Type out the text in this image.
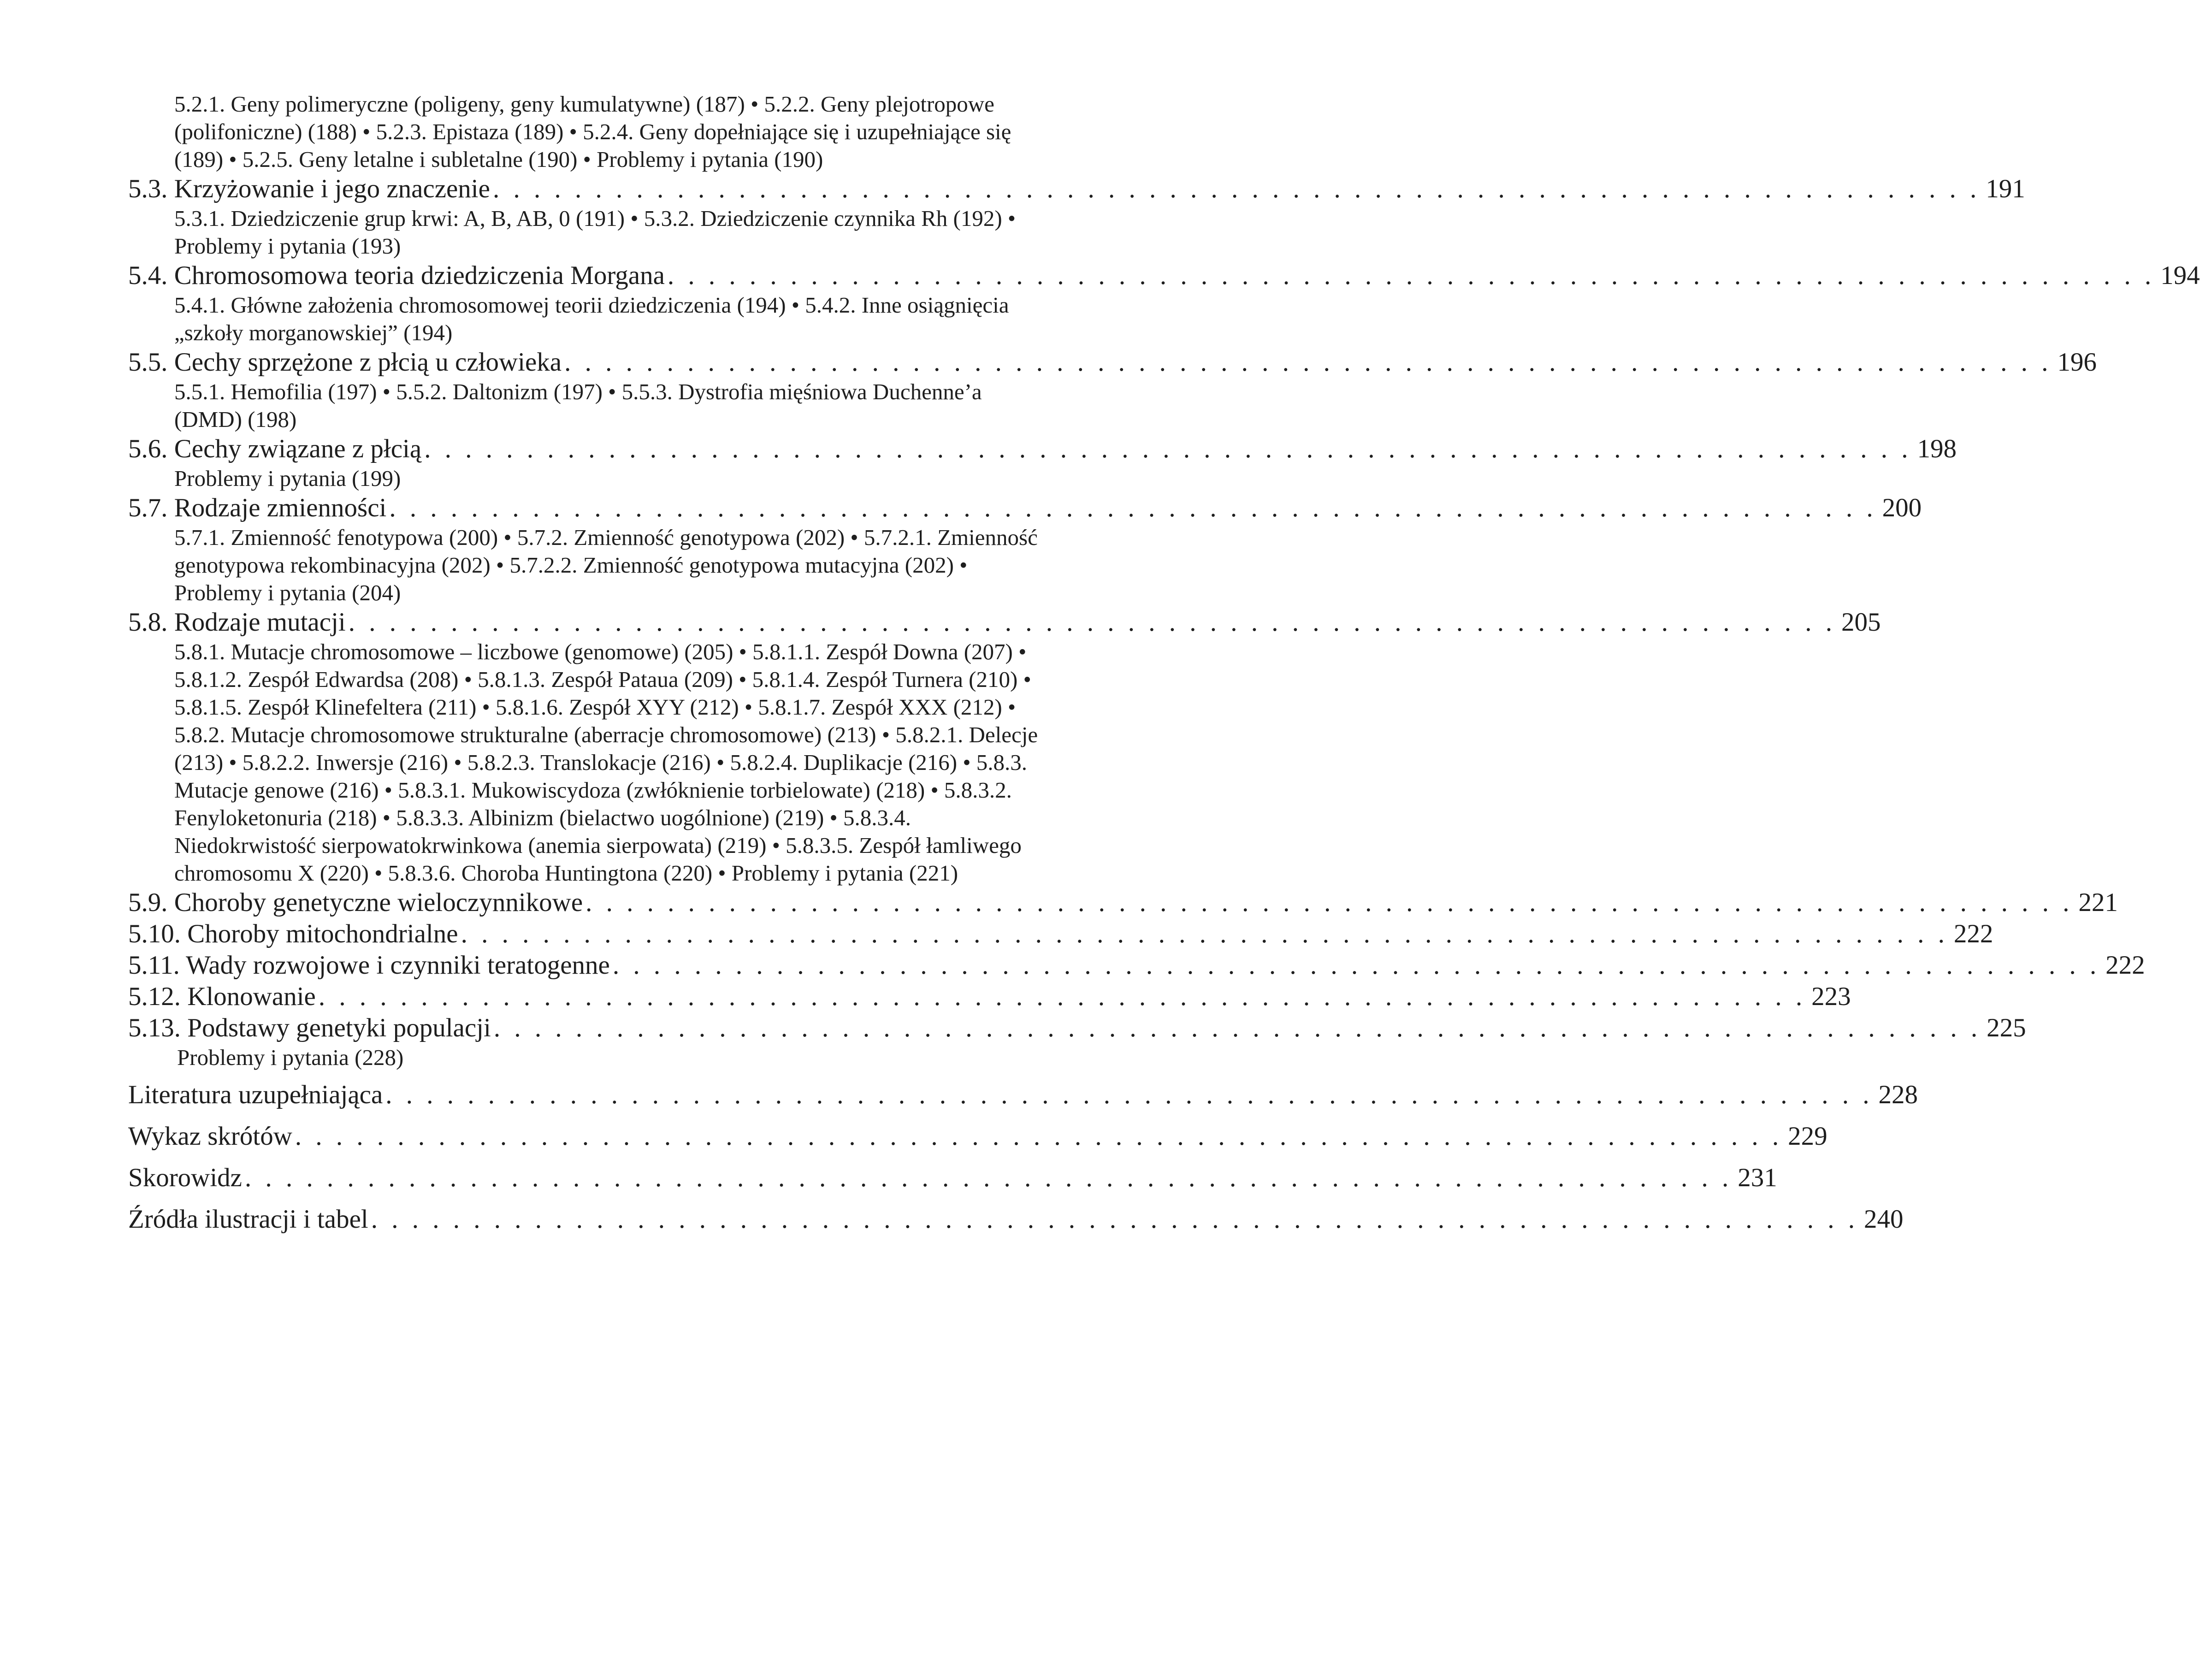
5.2.1. Geny polimeryczne (poligeny, geny kumulatywne) (187) • 5.2.2. Geny plejotropowe (polifoniczne) (188) • 5.2.3. Epistaza (189) • 5.2.4. Geny dopełniające się i uzupełniające się (189) • 5.2.5. Geny letalne i subletalne (190) • Problemy i pytania (190)
5.3. Krzyżowanie i jego znaczenie . . . . . . . . . . . . . . . . . . . . . . . . . . . . . . . . . . . . . . . . . . . . . . . . . . . . . . . . . . . . . . . . . . . . . . . . . 191
5.3.1. Dziedziczenie grup krwi: A, B, AB, 0 (191) • 5.3.2. Dziedziczenie czynnika Rh (192) • Problemy i pytania (193)
5.4. Chromosomowa teoria dziedziczenia Morgana . . . . . . . . . . . . . . . . . . . . . . . . . . . . . . . . . . . . . . . . . . . . . . . . . . . . . . . . . . . . . . . . . . . . . . . . . 194
5.4.1. Główne założenia chromosomowej teorii dziedziczenia (194) • 5.4.2. Inne osiągnięcia „szkoły morganowskiej” (194)
5.5. Cechy sprzężone z płcią u człowieka . . . . . . . . . . . . . . . . . . . . . . . . . . . . . . . . . . . . . . . . . . . . . . . . . . . . . . . . . . . . . . . . . . . . . . . . . 196
5.5.1. Hemofilia (197) • 5.5.2. Daltonizm (197) • 5.5.3. Dystrofia mięśniowa Duchenne’a (DMD) (198)
5.6. Cechy związane z płcią . . . . . . . . . . . . . . . . . . . . . . . . . . . . . . . . . . . . . . . . . . . . . . . . . . . . . . . . . . . . . . . . . . . . . . . . . 198
Problemy i pytania (199)
5.7. Rodzaje zmienności . . . . . . . . . . . . . . . . . . . . . . . . . . . . . . . . . . . . . . . . . . . . . . . . . . . . . . . . . . . . . . . . . . . . . . . . . 200
5.7.1. Zmienność fenotypowa (200) • 5.7.2. Zmienność genotypowa (202) • 5.7.2.1. Zmienność genotypowa rekombinacyjna (202) • 5.7.2.2. Zmienność genotypowa mutacyjna (202) • Problemy i pytania (204)
5.8. Rodzaje mutacji . . . . . . . . . . . . . . . . . . . . . . . . . . . . . . . . . . . . . . . . . . . . . . . . . . . . . . . . . . . . . . . . . . . . . . . . . 205
5.8.1. Mutacje chromosomowe – liczbowe (genomowe) (205) • 5.8.1.1. Zespół Downa (207) • 5.8.1.2. Zespół Edwardsa (208) • 5.8.1.3. Zespół Pataua (209) • 5.8.1.4. Zespół Turnera (210) • 5.8.1.5. Zespół Klinefeltera (211) • 5.8.1.6. Zespół XYY (212) • 5.8.1.7. Zespół XXX (212) • 5.8.2. Mutacje chromosomowe strukturalne (aberracje chromosomowe) (213) • 5.8.2.1. Delecje (213) • 5.8.2.2. Inwersje (216) • 5.8.2.3. Translokacje (216) • 5.8.2.4. Duplikacje (216) • 5.8.3. Mutacje genowe (216) • 5.8.3.1. Mukowiscydoza (zwłóknienie torbielowate) (218) • 5.8.3.2. Fenyloketonuria (218) • 5.8.3.3. Albinizm (bielactwo uogólnione) (219) • 5.8.3.4. Niedokrwistość sierpowatokrwinkowa (anemia sierpowata) (219) • 5.8.3.5. Zespół łamliwego chromosomu X (220) • 5.8.3.6. Choroba Huntingtona (220) • Problemy i pytania (221)
5.9. Choroby genetyczne wieloczynnikowe . . . . . . . . . . . . . . . . . . . . . . . . . . . . . . . . . . . . . . . . . . . . . . . . . . . . . . . . . . . . . . . . . . . . . . . . . 221
5.10. Choroby mitochondrialne . . . . . . . . . . . . . . . . . . . . . . . . . . . . . . . . . . . . . . . . . . . . . . . . . . . . . . . . . . . . . . . . . . . . . . . . . 222
5.11. Wady rozwojowe i czynniki teratogenne . . . . . . . . . . . . . . . . . . . . . . . . . . . . . . . . . . . . . . . . . . . . . . . . . . . . . . . . . . . . . . . . . . . . . . . . . 222
5.12. Klonowanie . . . . . . . . . . . . . . . . . . . . . . . . . . . . . . . . . . . . . . . . . . . . . . . . . . . . . . . . . . . . . . . . . . . . . . . . . 223
5.13. Podstawy genetyki populacji . . . . . . . . . . . . . . . . . . . . . . . . . . . . . . . . . . . . . . . . . . . . . . . . . . . . . . . . . . . . . . . . . . . . . . . . . 225
Problemy i pytania (228)
Literatura uzupełniająca . . . . . . . . . . . . . . . . . . . . . . . . . . . . . . . . . . . . . . . . . . . . . . . . . . . . . . . . . . . . . . . . . . . . . . . . . 228
Wykaz skrótów . . . . . . . . . . . . . . . . . . . . . . . . . . . . . . . . . . . . . . . . . . . . . . . . . . . . . . . . . . . . . . . . . . . . . . . . . 229
Skorowidz . . . . . . . . . . . . . . . . . . . . . . . . . . . . . . . . . . . . . . . . . . . . . . . . . . . . . . . . . . . . . . . . . . . . . . . . . 231
Źródła ilustracji i tabel . . . . . . . . . . . . . . . . . . . . . . . . . . . . . . . . . . . . . . . . . . . . . . . . . . . . . . . . . . . . . . . . . . . . . . . . . 240
